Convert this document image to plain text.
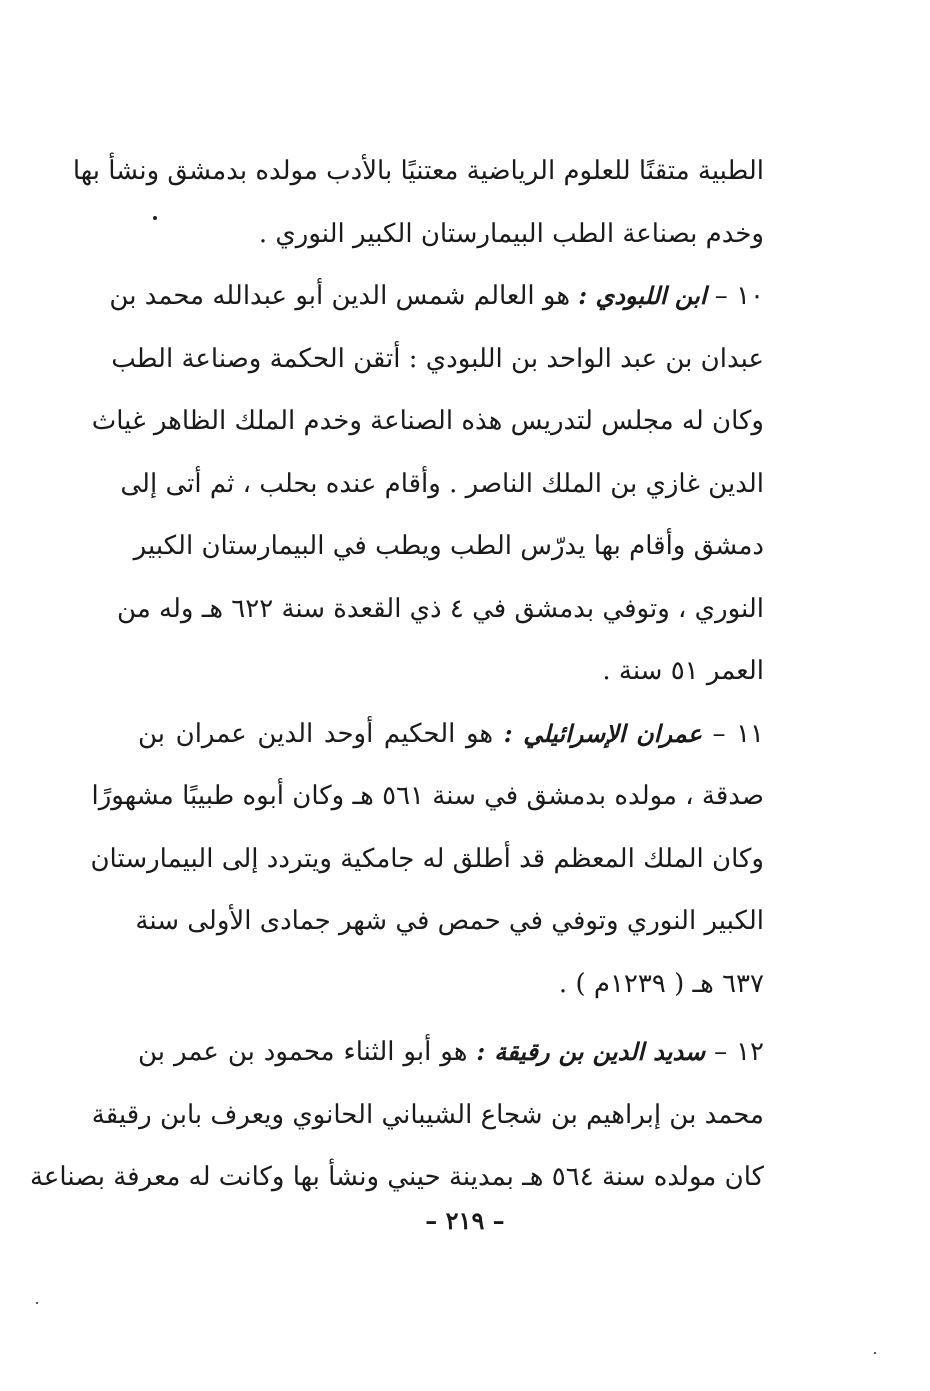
الطبية متقنًا للعلوم الرياضية معتنيًا بالأدب مولده بدمشق ونشأ بها
وخدم بصناعة الطب البيمارستان الكبير النوري .
١٠ – ابن اللبودي : هو العالم شمس الدين أبو عبدالله محمد بن
عبدان بن عبد الواحد بن اللبودي : أتقن الحكمة وصناعة الطب
وكان له مجلس لتدريس هذه الصناعة وخدم الملك الظاهر غياث
الدين غازي بن الملك الناصر . وأقام عنده بحلب ، ثم أتى إلى
دمشق وأقام بها يدرّس الطب ويطب في البيمارستان الكبير
النوري ، وتوفي بدمشق في ٤ ذي القعدة سنة ٦٢٢ هـ وله من
العمر ٥١ سنة .
١١ – عمران الإسرائيلي : هو الحكيم أوحد الدين عمران بن
صدقة ، مولده بدمشق في سنة ٥٦١ هـ وكان أبوه طبيبًا مشهورًا
وكان الملك المعظم قد أطلق له جامكية ويتردد إلى البيمارستان
الكبير النوري وتوفي في حمص في شهر جمادى الأولى سنة
٦٣٧ هـ ( ١٢٣٩م ) .
١٢ – سديد الدين بن رقيقة : هو أبو الثناء محمود بن عمر بن
محمد بن إبراهيم بن شجاع الشيباني الحانوي ويعرف بابن رقيقة
كان مولده سنة ٥٦٤ هـ بمدينة حيني ونشأ بها وكانت له معرفة بصناعة
– ٢١٩ –
